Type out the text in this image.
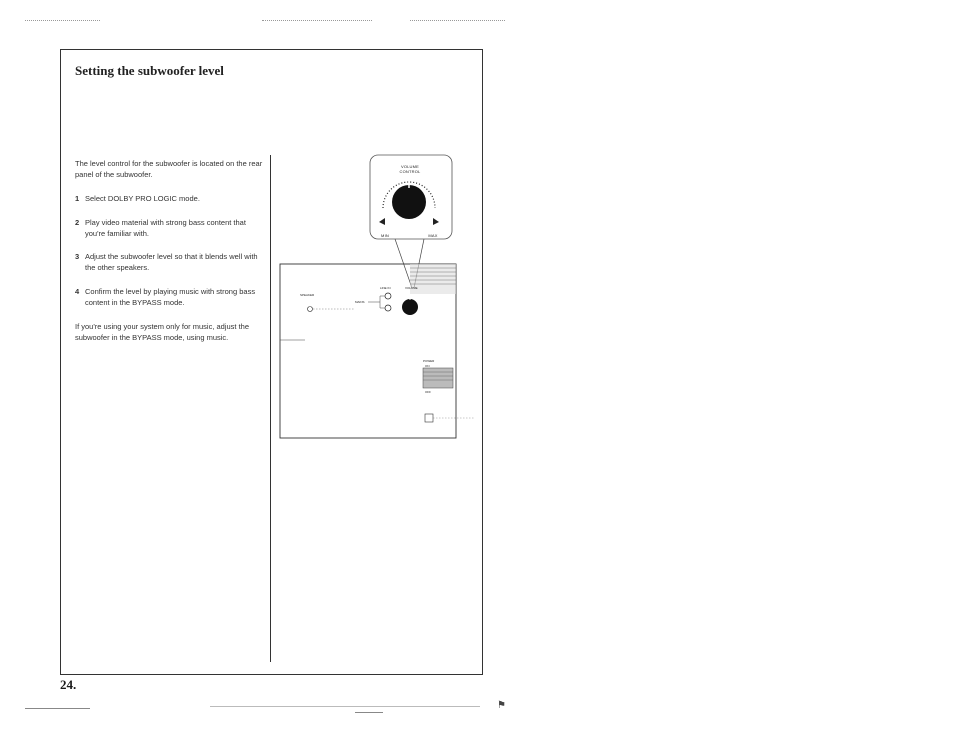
Setting the subwoofer level
The level control for the subwoofer is located on the rear panel of the subwoofer.
1 Select DOLBY PRO LOGIC mode.
2 Play video material with strong bass content that you're familiar with.
3 Adjust the subwoofer level so that it blends well with the other speakers.
4 Confirm the level by playing music with strong bass content in the BYPASS mode.
If you're using your system only for music, adjust the subwoofer in the BYPASS mode, using music.
VOLUME CONTROL
MIN	MAX
LINE IN	VOLUME
SPEAKER
MAINS
POWER
ON
OFF
24.
⚑
